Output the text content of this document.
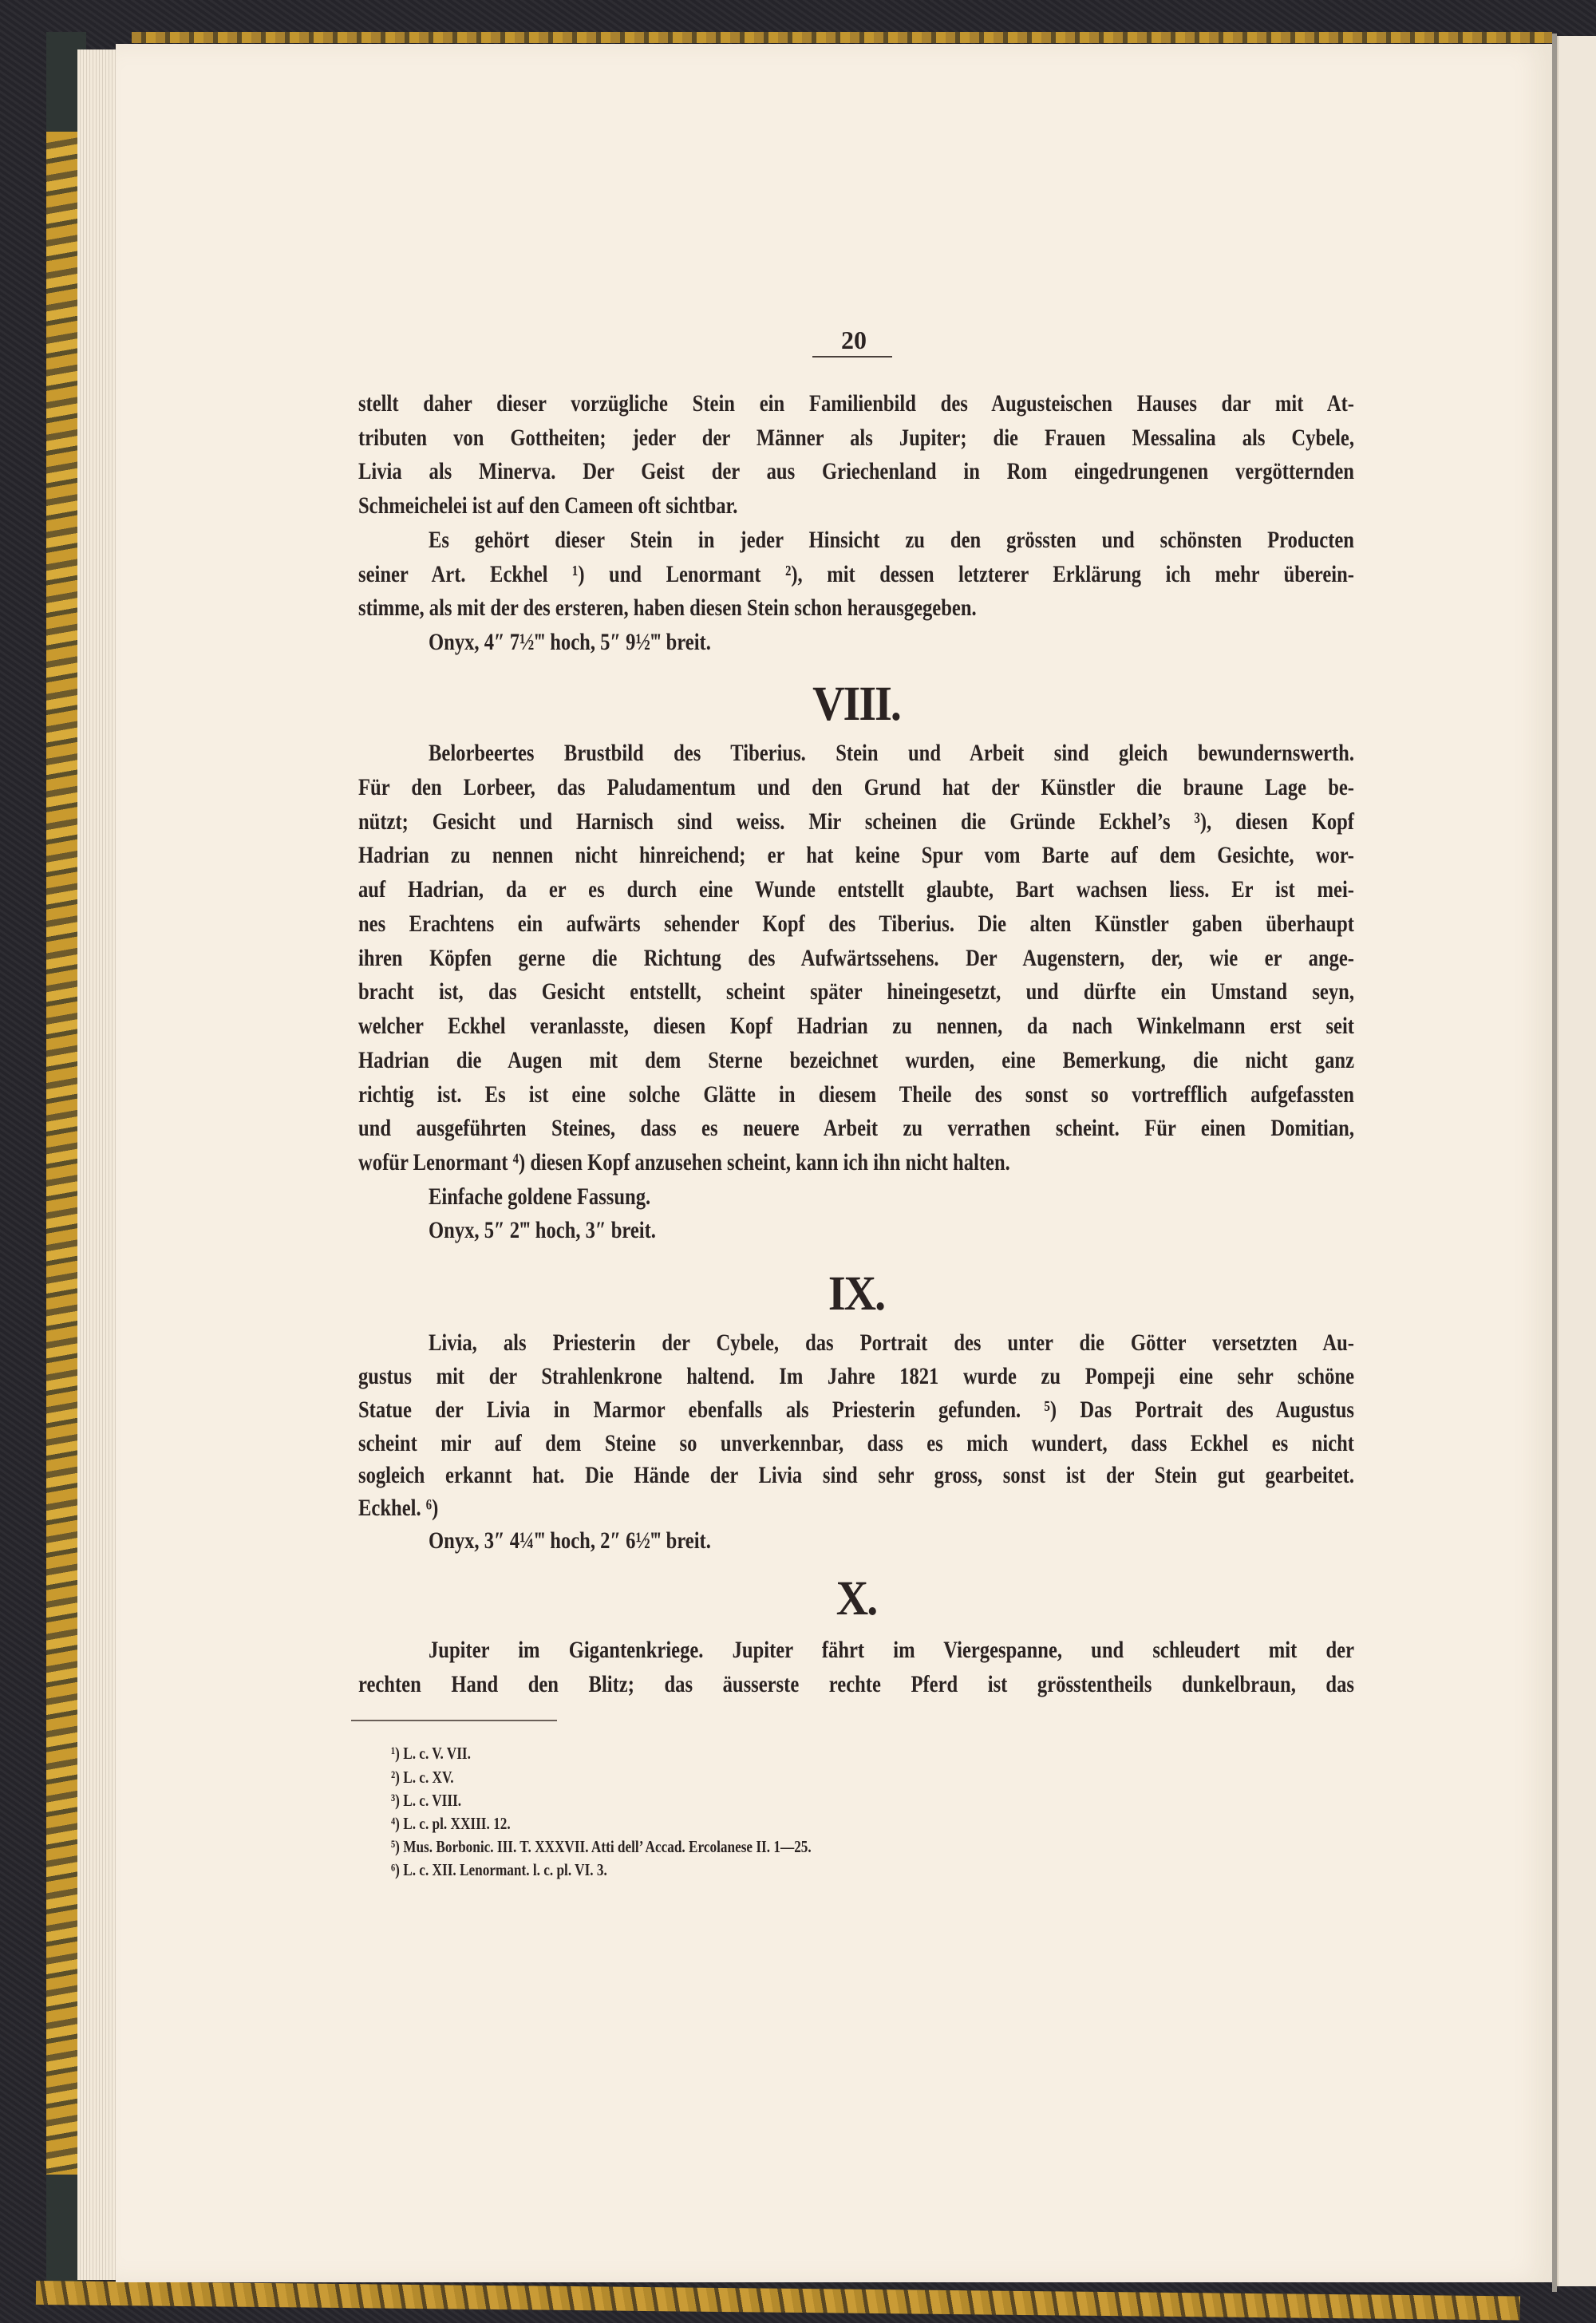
20
stellt daher dieser vorzügliche Stein ein Familienbild des Augusteischen Hauses dar mit At-
tributen von Gottheiten; jeder der Männer als Jupiter; die Frauen Messalina als Cybele,
Livia als Minerva. Der Geist der aus Griechenland in Rom eingedrungenen vergötternden
Schmeichelei ist auf den Cameen oft sichtbar.
Es gehört dieser Stein in jeder Hinsicht zu den grössten und schönsten Producten
seiner Art. Eckhel ¹) und Lenormant ²), mit dessen letzterer Erklärung ich mehr überein-
stimme, als mit der des ersteren, haben diesen Stein schon herausgegeben.
Onyx, 4″ 7½‴ hoch, 5″ 9½‴ breit.
VIII.
Belorbeertes Brustbild des Tiberius. Stein und Arbeit sind gleich bewundernswerth.
Für den Lorbeer, das Paludamentum und den Grund hat der Künstler die braune Lage be-
nützt; Gesicht und Harnisch sind weiss. Mir scheinen die Gründe Eckhel’s ³), diesen Kopf
Hadrian zu nennen nicht hinreichend; er hat keine Spur vom Barte auf dem Gesichte, wor-
auf Hadrian, da er es durch eine Wunde entstellt glaubte, Bart wachsen liess. Er ist mei-
nes Erachtens ein aufwärts sehender Kopf des Tiberius. Die alten Künstler gaben überhaupt
ihren Köpfen gerne die Richtung des Aufwärtssehens. Der Augenstern, der, wie er ange-
bracht ist, das Gesicht entstellt, scheint später hineingesetzt, und dürfte ein Umstand seyn,
welcher Eckhel veranlasste, diesen Kopf Hadrian zu nennen, da nach Winkelmann erst seit
Hadrian die Augen mit dem Sterne bezeichnet wurden, eine Bemerkung, die nicht ganz
richtig ist. Es ist eine solche Glätte in diesem Theile des sonst so vortrefflich aufgefassten
und ausgeführten Steines, dass es neuere Arbeit zu verrathen scheint. Für einen Domitian,
wofür Lenormant ⁴) diesen Kopf anzusehen scheint, kann ich ihn nicht halten.
Einfache goldene Fassung.
Onyx, 5″ 2‴ hoch, 3″ breit.
IX.
Livia, als Priesterin der Cybele, das Portrait des unter die Götter versetzten Au-
gustus mit der Strahlenkrone haltend. Im Jahre 1821 wurde zu Pompeji eine sehr schöne
Statue der Livia in Marmor ebenfalls als Priesterin gefunden. ⁵) Das Portrait des Augustus
scheint mir auf dem Steine so unverkennbar, dass es mich wundert, dass Eckhel es nicht
sogleich erkannt hat. Die Hände der Livia sind sehr gross, sonst ist der Stein gut gearbeitet.
Eckhel. ⁶)
Onyx, 3″ 4¼‴ hoch, 2″ 6½‴ breit.
X.
Jupiter im Gigantenkriege. Jupiter fährt im Viergespanne, und schleudert mit der
rechten Hand den Blitz; das äusserste rechte Pferd ist grösstentheils dunkelbraun, das
¹) L. c. V. VII.
²) L. c. XV.
³) L. c. VIII.
⁴) L. c. pl. XXIII. 12.
⁵) Mus. Borbonic. III. T. XXXVII. Atti dell’ Accad. Ercolanese II. 1—25.
⁶) L. c. XII. Lenormant. l. c. pl. VI. 3.
